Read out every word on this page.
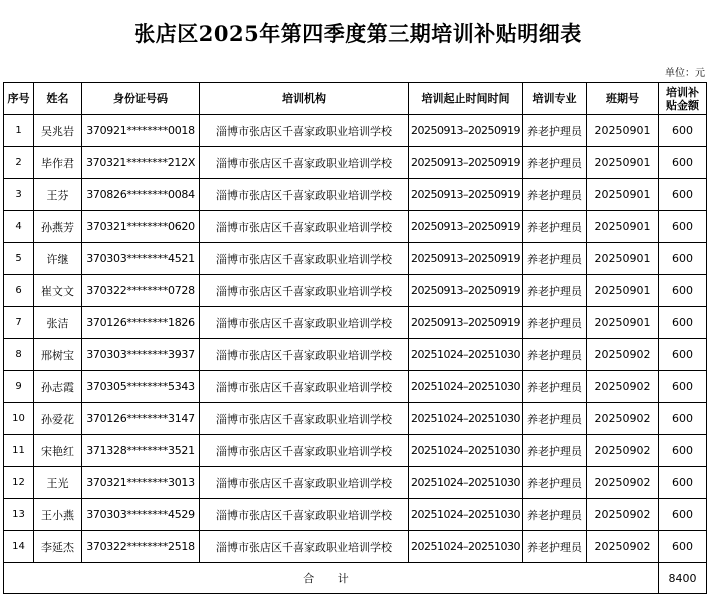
张店区2025年第四季度第三期培训补贴明细表
单位：元
序号	姓名	身份证号码	培训机构	培训起止时间时间	培训专业	班期号	培训补
贴金额
1	吴兆岩	370921********0018	淄博市张店区千喜家政职业培训学校	20250913–20250919	养老护理员	20250901	600
2	毕作君	370321********212X	淄博市张店区千喜家政职业培训学校	20250913–20250919	养老护理员	20250901	600
3	王芬	370826********0084	淄博市张店区千喜家政职业培训学校	20250913–20250919	养老护理员	20250901	600
4	孙燕芳	370321********0620	淄博市张店区千喜家政职业培训学校	20250913–20250919	养老护理员	20250901	600
5	许继	370303********4521	淄博市张店区千喜家政职业培训学校	20250913–20250919	养老护理员	20250901	600
6	崔文文	370322********0728	淄博市张店区千喜家政职业培训学校	20250913–20250919	养老护理员	20250901	600
7	张洁	370126********1826	淄博市张店区千喜家政职业培训学校	20250913–20250919	养老护理员	20250901	600
8	邢树宝	370303********3937	淄博市张店区千喜家政职业培训学校	20251024–20251030	养老护理员	20250902	600
9	孙志霞	370305********5343	淄博市张店区千喜家政职业培训学校	20251024–20251030	养老护理员	20250902	600
10	孙爱花	370126********3147	淄博市张店区千喜家政职业培训学校	20251024–20251030	养老护理员	20250902	600
11	宋艳红	371328********3521	淄博市张店区千喜家政职业培训学校	20251024–20251030	养老护理员	20250902	600
12	王光	370321********3013	淄博市张店区千喜家政职业培训学校	20251024–20251030	养老护理员	20250902	600
13	王小燕	370303********4529	淄博市张店区千喜家政职业培训学校	20251024–20251030	养老护理员	20250902	600
14	李延杰	370322********2518	淄博市张店区千喜家政职业培训学校	20251024–20251030	养老护理员	20250902	600
合 计							8400
